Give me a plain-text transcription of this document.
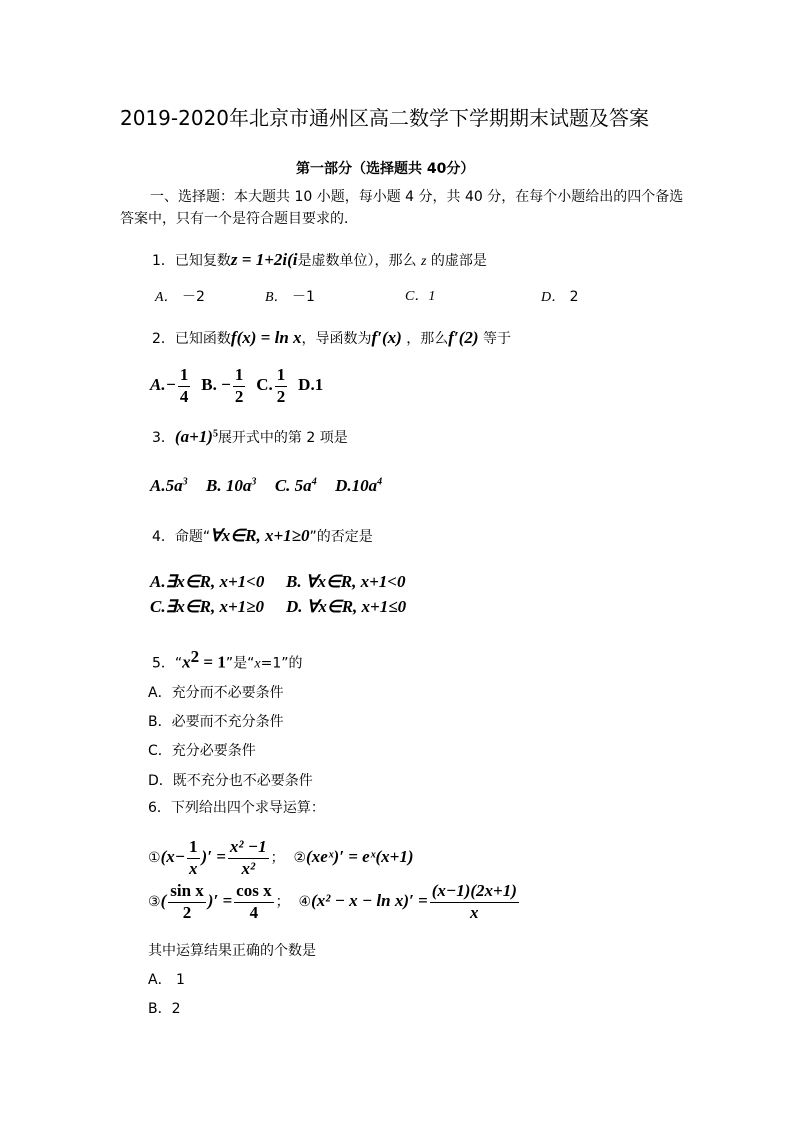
2019-2020年北京市通州区高二数学下学期期末试题及答案
第一部分（选择题共 40分）
一、选择题：本大题共 10 小题，每小题 4 分，共 40 分，在每个小题给出的四个备选
答案中，只有一个是符合题目要求的．
1．已知复数z = 1+2i(i是虚数单位），那么 z 的虚部是
A． －2	B． －1	C．1	D． 2
2．已知函数f(x) = ln x，导函数为f′(x) ，那么f′(2) 等于
$A.- \frac{1}{4} B$. − $\frac{1}{2} C$. $\frac{1}{2} D.1$
3．$(a+1)^5$展开式中的第 2 项是
$A.5a^3$ B. $10a^3$ C. $5a^4$ $D.10a^4$
4．命题“∀x∈R, x+1≥0”的否定是
A.∃x∈R, x+1<0 B. ∀x∈R, x+1<0
C.∃x∈R, x+1≥0 D. ∀x∈R, x+1≤0
5．“$x^2 = 1$”是“x=1”的
A．充分而不必要条件
B．必要而不充分条件
C．充分必要条件
D．既不充分也不必要条件
6．下列给出四个求导运算：
①(x− $\frac{1}{x}$ )′ = $\frac{\text{x² −1}}{\text{x²}}$ ； ②(xeˣ)′ = eˣ(x+1)
③( $\frac{\text{sin x}}{2}$ )′ = $\frac{\text{cos x}}{4}$ ； ④(x² − $x - \ln x)' = \frac{(x-1)(2x+1)}{x}$
其中运算结果正确的个数是
A． 1
B．2
